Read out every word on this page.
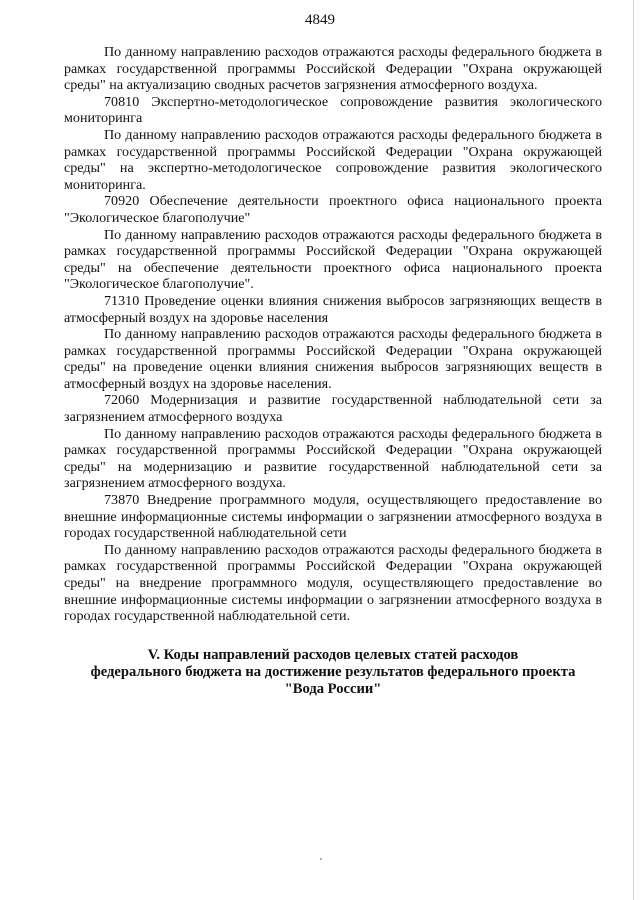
4849

По данному направлению расходов отражаются расходы федерального бюджета в рамках государственной программы Российской Федерации "Охрана окружающей среды" на актуализацию сводных расчетов загрязнения атмосферного воздуха.

70810 Экспертно-методологическое сопровождение развития экологического мониторинга

По данному направлению расходов отражаются расходы федерального бюджета в рамках государственной программы Российской Федерации "Охрана окружающей среды" на экспертно-методологическое сопровождение развития экологического мониторинга.

70920 Обеспечение деятельности проектного офиса национального проекта "Экологическое благополучие"

По данному направлению расходов отражаются расходы федерального бюджета в рамках государственной программы Российской Федерации "Охрана окружающей среды" на обеспечение деятельности проектного офиса национального проекта "Экологическое благополучие".

71310 Проведение оценки влияния снижения выбросов загрязняющих веществ в атмосферный воздух на здоровье населения

По данному направлению расходов отражаются расходы федерального бюджета в рамках государственной программы Российской Федерации "Охрана окружающей среды" на проведение оценки влияния снижения выбросов загрязняющих веществ в атмосферный воздух на здоровье населения.

72060 Модернизация и развитие государственной наблюдательной сети за загрязнением атмосферного воздуха

По данному направлению расходов отражаются расходы федерального бюджета в рамках государственной программы Российской Федерации "Охрана окружающей среды" на модернизацию и развитие государственной наблюдательной сети за загрязнением атмосферного воздуха.

73870 Внедрение программного модуля, осуществляющего предоставление во внешние информационные системы информации о загрязнении атмосферного воздуха в городах государственной наблюдательной сети

По данному направлению расходов отражаются расходы федерального бюджета в рамках государственной программы Российской Федерации "Охрана окружающей среды" на внедрение программного модуля, осуществляющего предоставление во внешние информационные системы информации о загрязнении атмосферного воздуха в городах государственной наблюдательной сети.

V. Коды направлений расходов целевых статей расходов
федерального бюджета на достижение результатов федерального проекта
"Вода России"
